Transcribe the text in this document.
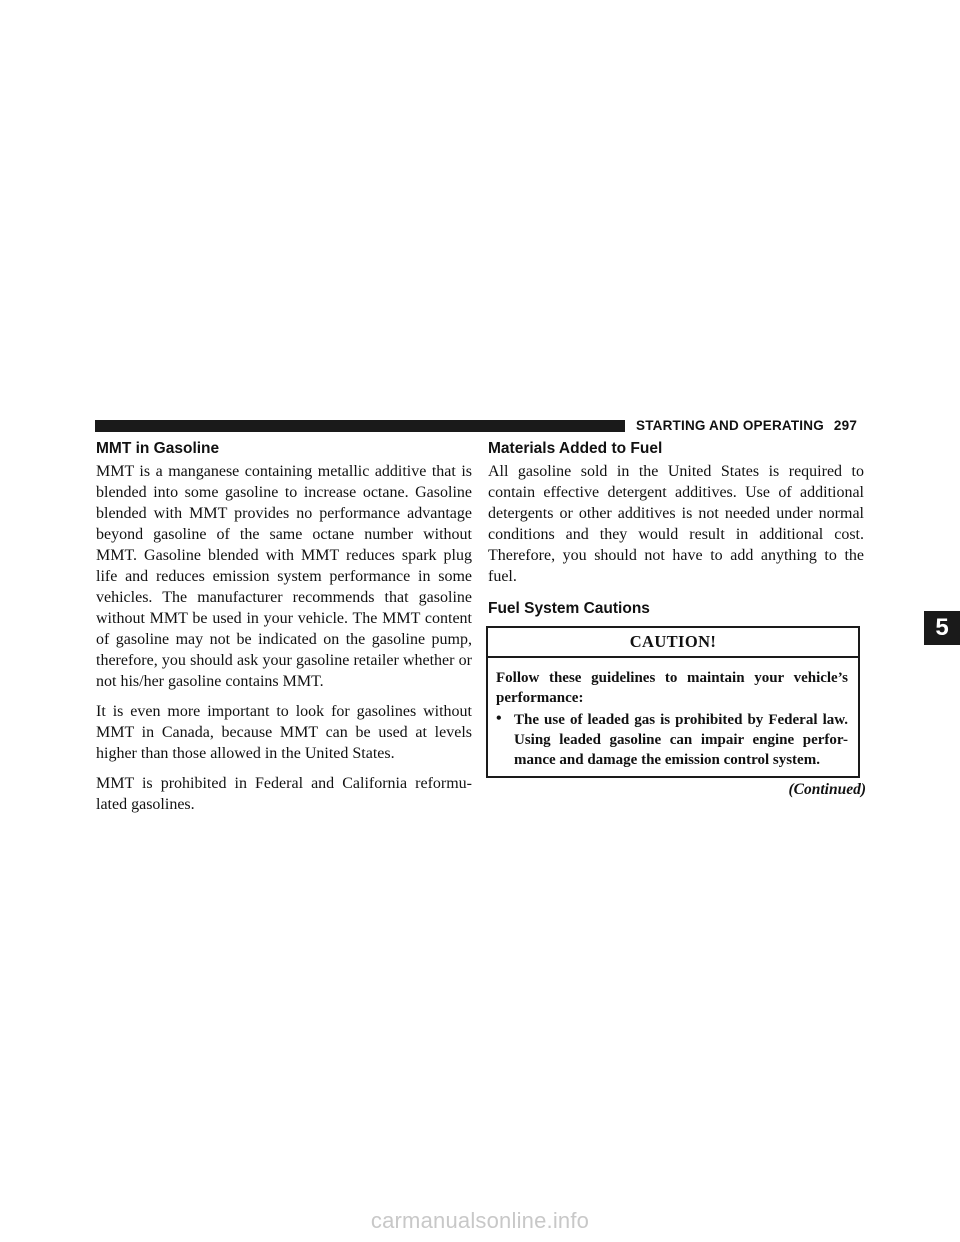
STARTING AND OPERATING 297
MMT in Gasoline

MMT is a manganese containing metallic additive that is blended into some gasoline to increase octane. Gasoline blended with MMT provides no performance advantage beyond gasoline of the same octane number without MMT. Gasoline blended with MMT reduces spark plug life and reduces emission system performance in some vehicles. The manufacturer recommends that gasoline without MMT be used in your vehicle. The MMT content of gasoline may not be indicated on the gasoline pump, therefore, you should ask your gasoline retailer whether or not his/her gasoline contains MMT.

It is even more important to look for gasolines without MMT in Canada, because MMT can be used at levels higher than those allowed in the United States.

MMT is prohibited in Federal and California reformu-lated gasolines.

Materials Added to Fuel

All gasoline sold in the United States is required to contain effective detergent additives. Use of additional detergents or other additives is not needed under normal conditions and they would result in additional cost. Therefore, you should not have to add anything to the fuel.

Fuel System Cautions
CAUTION!

Follow these guidelines to maintain your vehicle’s performance:

• The use of leaded gas is prohibited by Federal law. Using leaded gasoline can impair engine perfor-mance and damage the emission control system.
(Continued)
5
carmanualsonline.info
